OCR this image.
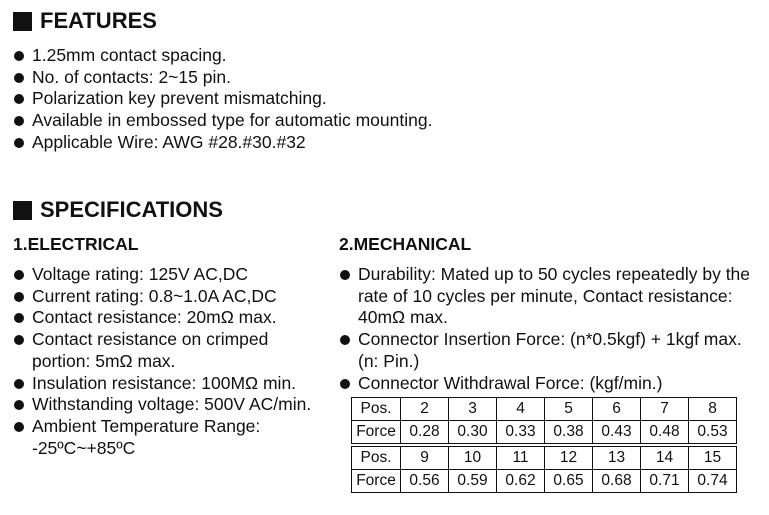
FEATURES
1.25mm contact spacing.
No. of contacts: 2~15 pin.
Polarization key prevent mismatching.
Available in embossed type for automatic mounting.
Applicable Wire: AWG #28.#30.#32
SPECIFICATIONS
1.ELECTRICAL	2.MECHANICAL
Voltage rating: 125V AC,DC
Current rating: 0.8~1.0A AC,DC
Contact resistance: 20mΩ max.
Contact resistance on crimped portion: 5mΩ max.
Insulation resistance: 100MΩ min.
Withstanding voltage: 500V AC/min.
Ambient Temperature Range: -25ºC~+85ºC
Durability: Mated up to 50 cycles repeatedly by the rate of 10 cycles per minute, Contact resistance: 40mΩ max.
Connector Insertion Force: (n*0.5kgf) + 1kgf max. (n: Pin.)
Connector Withdrawal Force: (kgf/min.)
Pos.	2	3	4	5	6	7	8
Force	0.28	0.30	0.33	0.38	0.43	0.48	0.53

Pos.	9	10	11	12	13	14	15
Force	0.56	0.59	0.62	0.65	0.68	0.71	0.74
